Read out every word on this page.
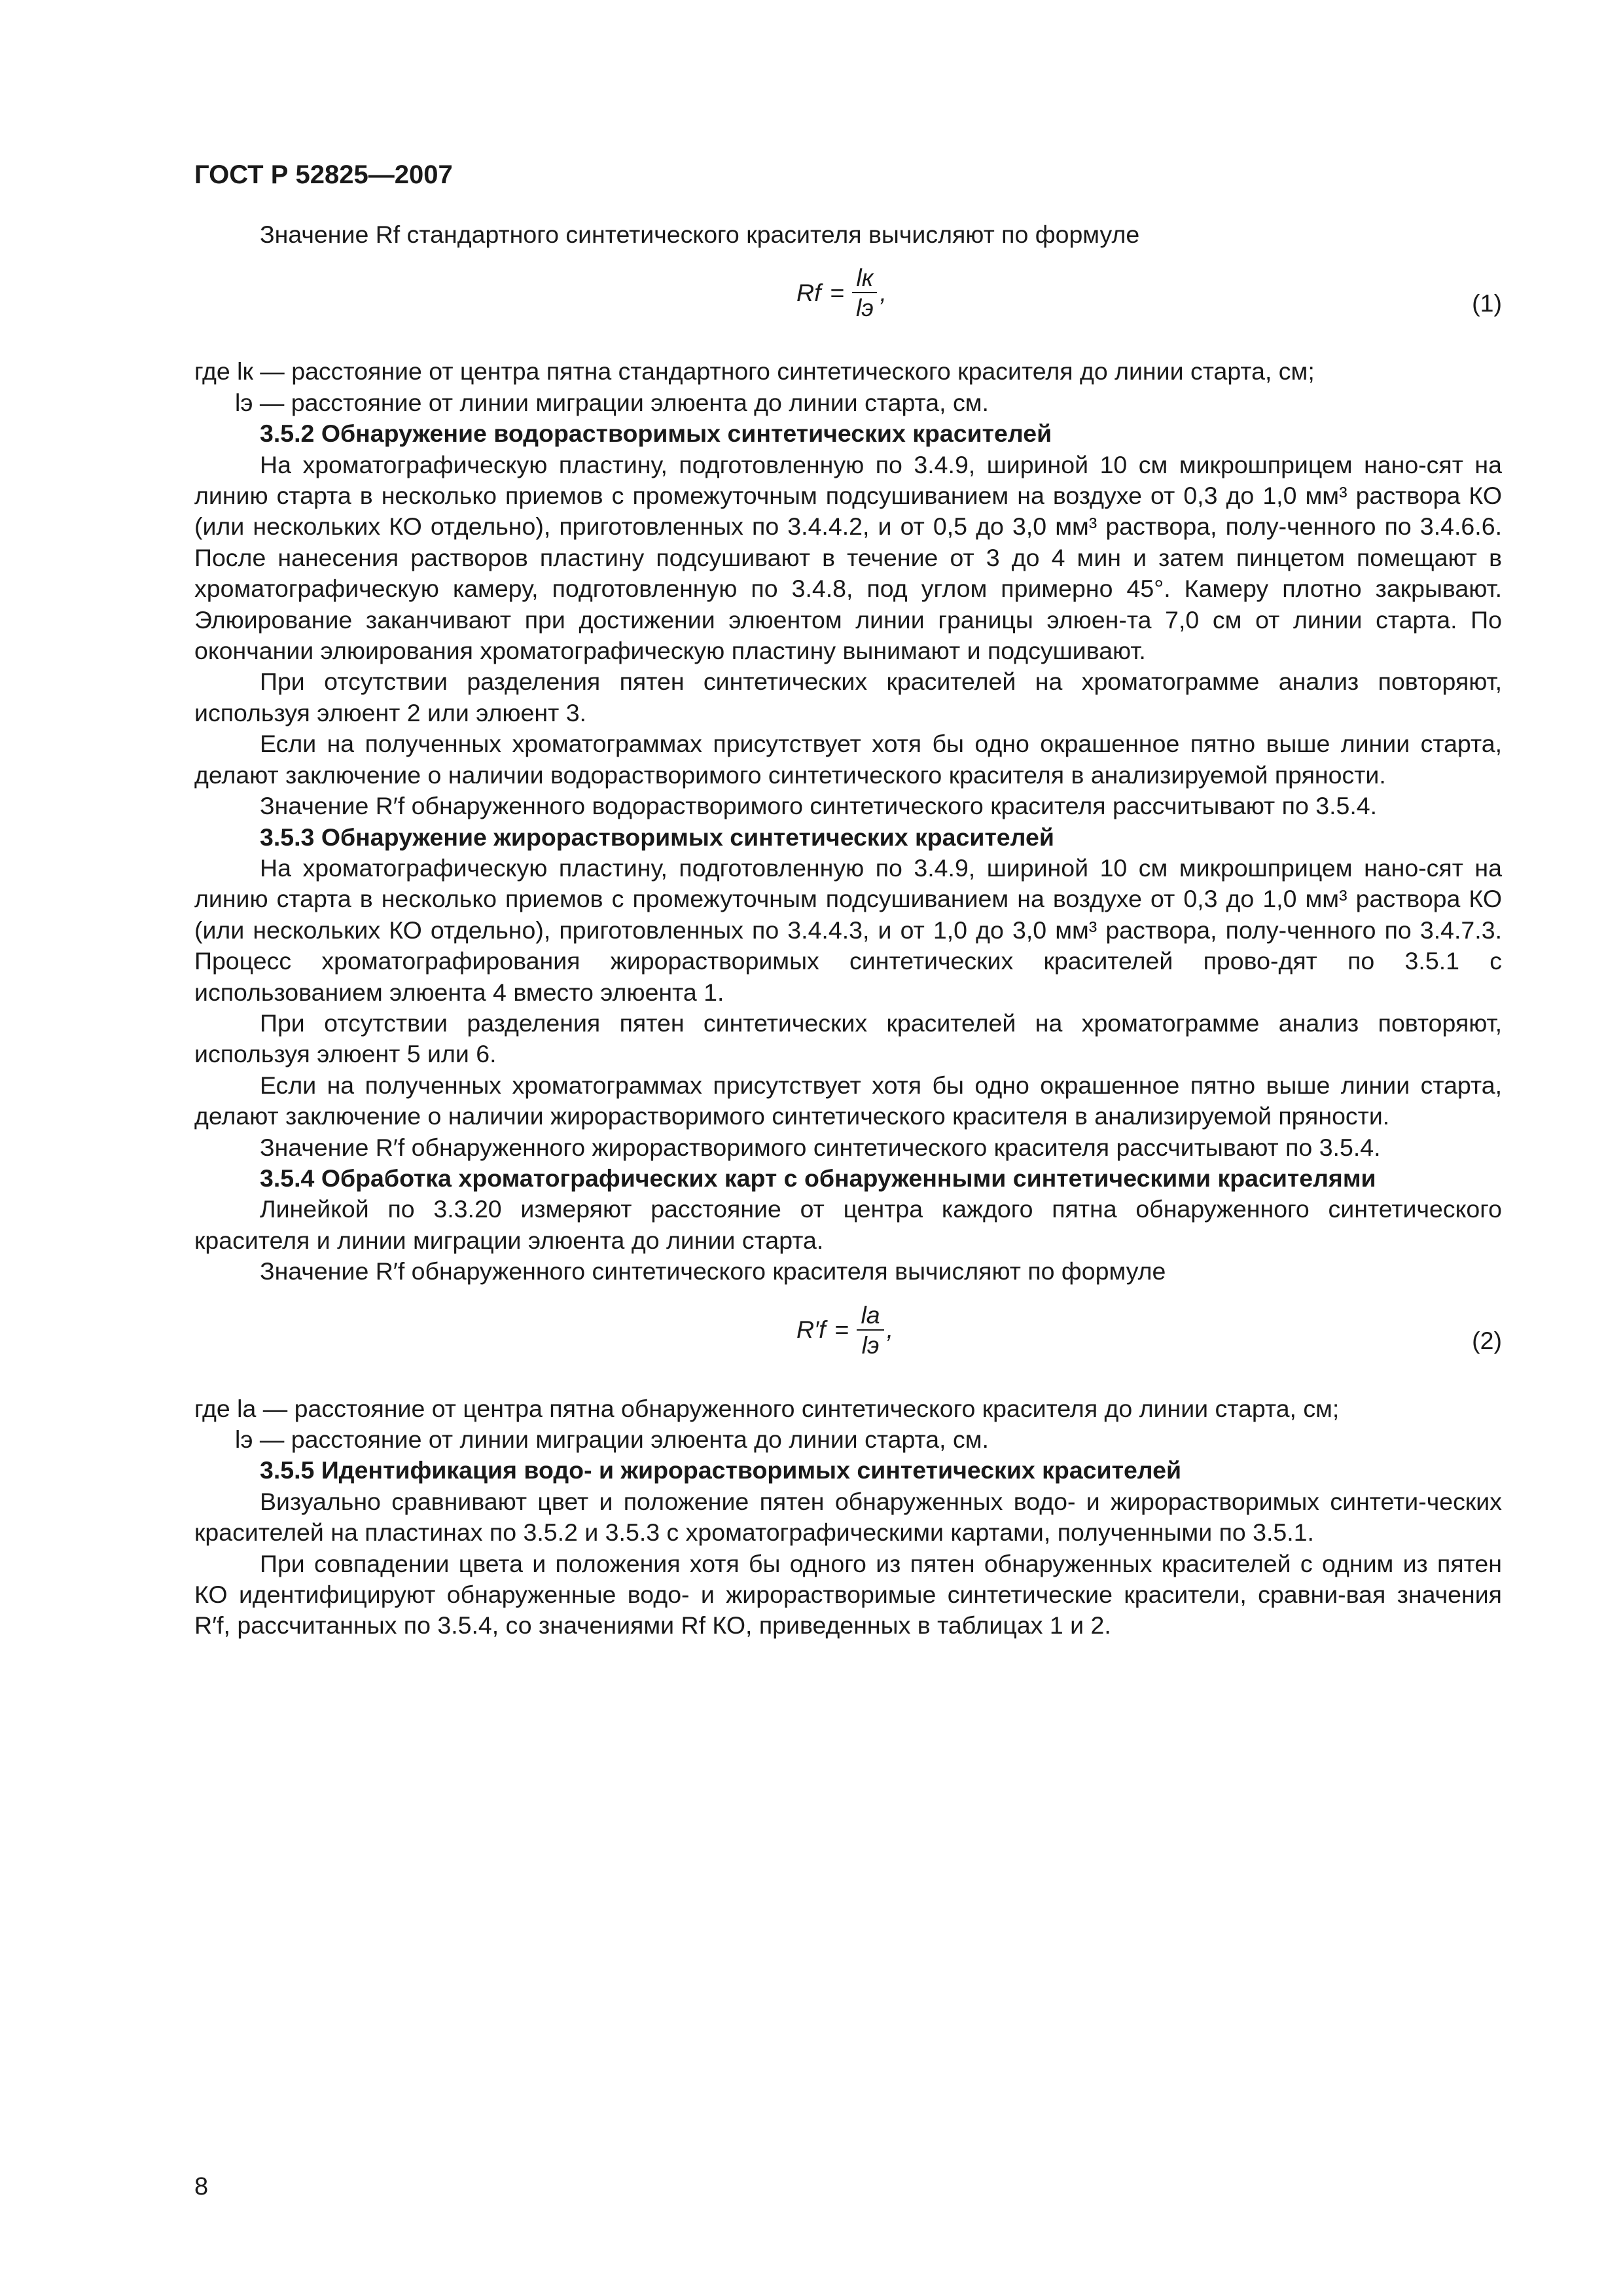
ГОСТ Р 52825—2007

Значение Rf стандартного синтетического красителя вычисляют по формуле

$Rf = \frac{lк}{lэ}$ ,	(1)

где lк — расстояние от центра пятна стандартного синтетического красителя до линии старта, см;

lэ — расстояние от линии миграции элюента до линии старта, см.

3.5.2 Обнаружение водорастворимых синтетических красителей

На хроматографическую пластину, подготовленную по 3.4.9, шириной 10 см микрошприцем нано-сят на линию старта в несколько приемов с промежуточным подсушиванием на воздухе от 0,3 до 1,0 мм³ раствора КО (или нескольких КО отдельно), приготовленных по 3.4.4.2, и от 0,5 до 3,0 мм³ раствора, полу-ченного по 3.4.6.6. После нанесения растворов пластину подсушивают в течение от 3 до 4 мин и затем пинцетом помещают в хроматографическую камеру, подготовленную по 3.4.8, под углом примерно 45°. Камеру плотно закрывают. Элюирование заканчивают при достижении элюентом линии границы элюен-та 7,0 см от линии старта. По окончании элюирования хроматографическую пластину вынимают и подсушивают.

При отсутствии разделения пятен синтетических красителей на хроматограмме анализ повторяют, используя элюент 2 или элюент 3.

Если на полученных хроматограммах присутствует хотя бы одно окрашенное пятно выше линии старта, делают заключение о наличии водорастворимого синтетического красителя в анализируемой пряности.

Значение R′f обнаруженного водорастворимого синтетического красителя рассчитывают по 3.5.4.

3.5.3 Обнаружение жирорастворимых синтетических красителей

На хроматографическую пластину, подготовленную по 3.4.9, шириной 10 см микрошприцем нано-сят на линию старта в несколько приемов с промежуточным подсушиванием на воздухе от 0,3 до 1,0 мм³ раствора КО (или нескольких КО отдельно), приготовленных по 3.4.4.3, и от 1,0 до 3,0 мм³ раствора, полу-ченного по 3.4.7.3. Процесс хроматографирования жирорастворимых синтетических красителей прово-дят по 3.5.1 с использованием элюента 4 вместо элюента 1.

При отсутствии разделения пятен синтетических красителей на хроматограмме анализ повторяют, используя элюент 5 или 6.

Если на полученных хроматограммах присутствует хотя бы одно окрашенное пятно выше линии старта, делают заключение о наличии жирорастворимого синтетического красителя в анализируемой пряности.

Значение R′f обнаруженного жирорастворимого синтетического красителя рассчитывают по 3.5.4.

3.5.4 Обработка хроматографических карт с обнаруженными синтетическими красителями

Линейкой по 3.3.20 измеряют расстояние от центра каждого пятна обнаруженного синтетического красителя и линии миграции элюента до линии старта.

Значение R′f обнаруженного синтетического красителя вычисляют по формуле

$R'f = \frac{lа}{lэ}$ ,	(2)

где lа — расстояние от центра пятна обнаруженного синтетического красителя до линии старта, см;

lэ — расстояние от линии миграции элюента до линии старта, см.

3.5.5 Идентификация водо- и жирорастворимых синтетических красителей

Визуально сравнивают цвет и положение пятен обнаруженных водо- и жирорастворимых синтети-ческих красителей на пластинах по 3.5.2 и 3.5.3 с хроматографическими картами, полученными по 3.5.1.

При совпадении цвета и положения хотя бы одного из пятен обнаруженных красителей с одним из пятен КО идентифицируют обнаруженные водо- и жирорастворимые синтетические красители, сравни-вая значения R′f, рассчитанных по 3.5.4, со значениями Rf КО, приведенных в таблицах 1 и 2.

8
